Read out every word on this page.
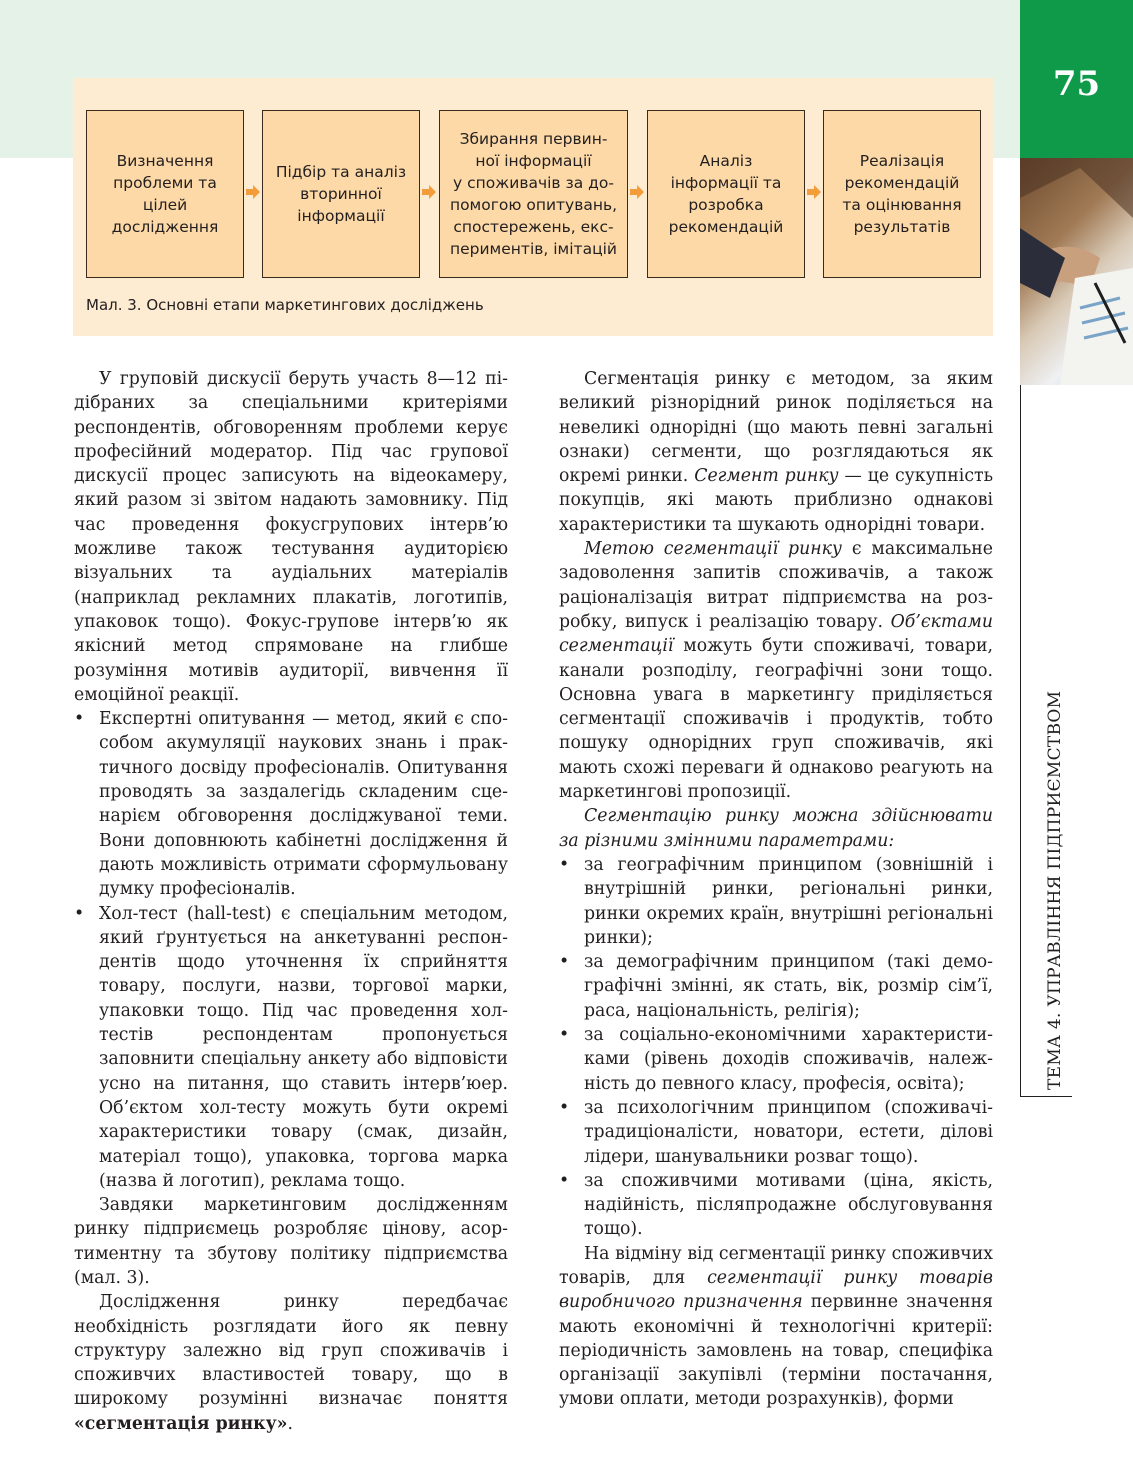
75
ТЕМА 4. УПРАВЛІННЯ ПІДПРИЄМСТВОМ
Визначення
проблеми та
цілей
дослідження
Підбір та аналіз
вторинної
інформації
Збирання первин-
ної інформації
у споживачів за до-
помогою опитувань,
спостережень, екс-
периментів, імітацій
Аналіз
інформації та
розробка
рекомендацій
Реалізація
рекомендацій
та оцінювання
результатів
Мал. 3. Основні етапи маркетингових досліджень

У груповій дискусії беруть участь 8—12 підібраних за спеціальними критеріями респондентів, обговоренням проблеми керує професійний модератор. Під час групової дискусії процес записують на відеокамеру, який разом зі звітом надають замовнику. Під час проведення фокусгрупових інтерв’ю можливе також тестування аудиторією візуальних та аудіальних матеріалів (наприклад рекламних плакатів, логотипів, упаковок тощо). Фокус-групове інтерв’ю як якісний метод спрямоване на глибше розуміння мотивів аудиторії, вивчення її емоційної реакції.

• Експертні опитування — метод, який є способом акумуляції наукових знань і практичного досвіду професіоналів. Опитування проводять за заздалегідь складеним сценарієм обговорення досліджуваної теми. Вони доповнюють кабінетні дослідження й дають можливість отримати сформульовану думку професіоналів.

• Хол-тест (hall-test) є спеціальним методом, який ґрунтується на анкетуванні респондентів щодо уточнення їх сприйняття товару, послуги, назви, торгової марки, упаковки тощо. Під час проведення холтестів респондентам пропонується заповнити спеціальну анкету або відповісти усно на питання, що ставить інтерв’юер. Об’єктом хол-тесту можуть бути окремі характеристики товару (смак, дизайн, матеріал тощо), упаковка, торгова марка (назва й логотип), реклама тощо.

Завдяки маркетинговим дослідженням ринку підприємець розробляє цінову, асортиментну та збутову політику підприємства (мал. 3).

Дослідження ринку передбачає необхідність розглядати його як певну структуру залежно від груп споживачів і споживчих властивостей товару, що в широкому розумінні визначає поняття «сегментація ринку».

Сегментація ринку є методом, за яким великий різнорідний ринок поділяється на невеликі однорідні (що мають певні загальні ознаки) сегменти, що розглядаються як окремі ринки. Сегмент ринку — це сукупність покупців, які мають приблизно однакові характеристики та шукають однорідні товари.

Метою сегментації ринку є максимальне задоволення запитів споживачів, а також раціоналізація витрат підприємства на розробку, випуск і реалізацію товару. Об’єктами сегментації можуть бути споживачі, товари, канали розподілу, географічні зони тощо. Основна увага в маркетингу приділяється сегментації споживачів і продуктів, тобто пошуку однорідних груп споживачів, які мають схожі переваги й однаково реагують на маркетингові пропозиції.

Сегментацію ринку можна здійснювати за різними змінними параметрами:

• за географічним принципом (зовнішній і внутрішній ринки, регіональні ринки, ринки окремих країн, внутрішні регіональні ринки);

• за демографічним принципом (такі демографічні змінні, як стать, вік, розмір сім’ї, раса, національність, релігія);

• за соціально-економічними характеристиками (рівень доходів споживачів, належність до певного класу, професія, освіта);

• за психологічним принципом (споживачітрадиціоналісти, новатори, естети, ділові лідери, шанувальники розваг тощо).

• за споживчими мотивами (ціна, якість, надійність, післяпродажне обслуговування тощо).

На відміну від сегментації ринку споживчих товарів, для сегментації ринку товарів виробничого призначення первинне значення мають економічні й технологічні критерії: періодичність замовлень на товар, специфіка організації закупівлі (терміни постачання, умови оплати, методи розрахунків), форми
